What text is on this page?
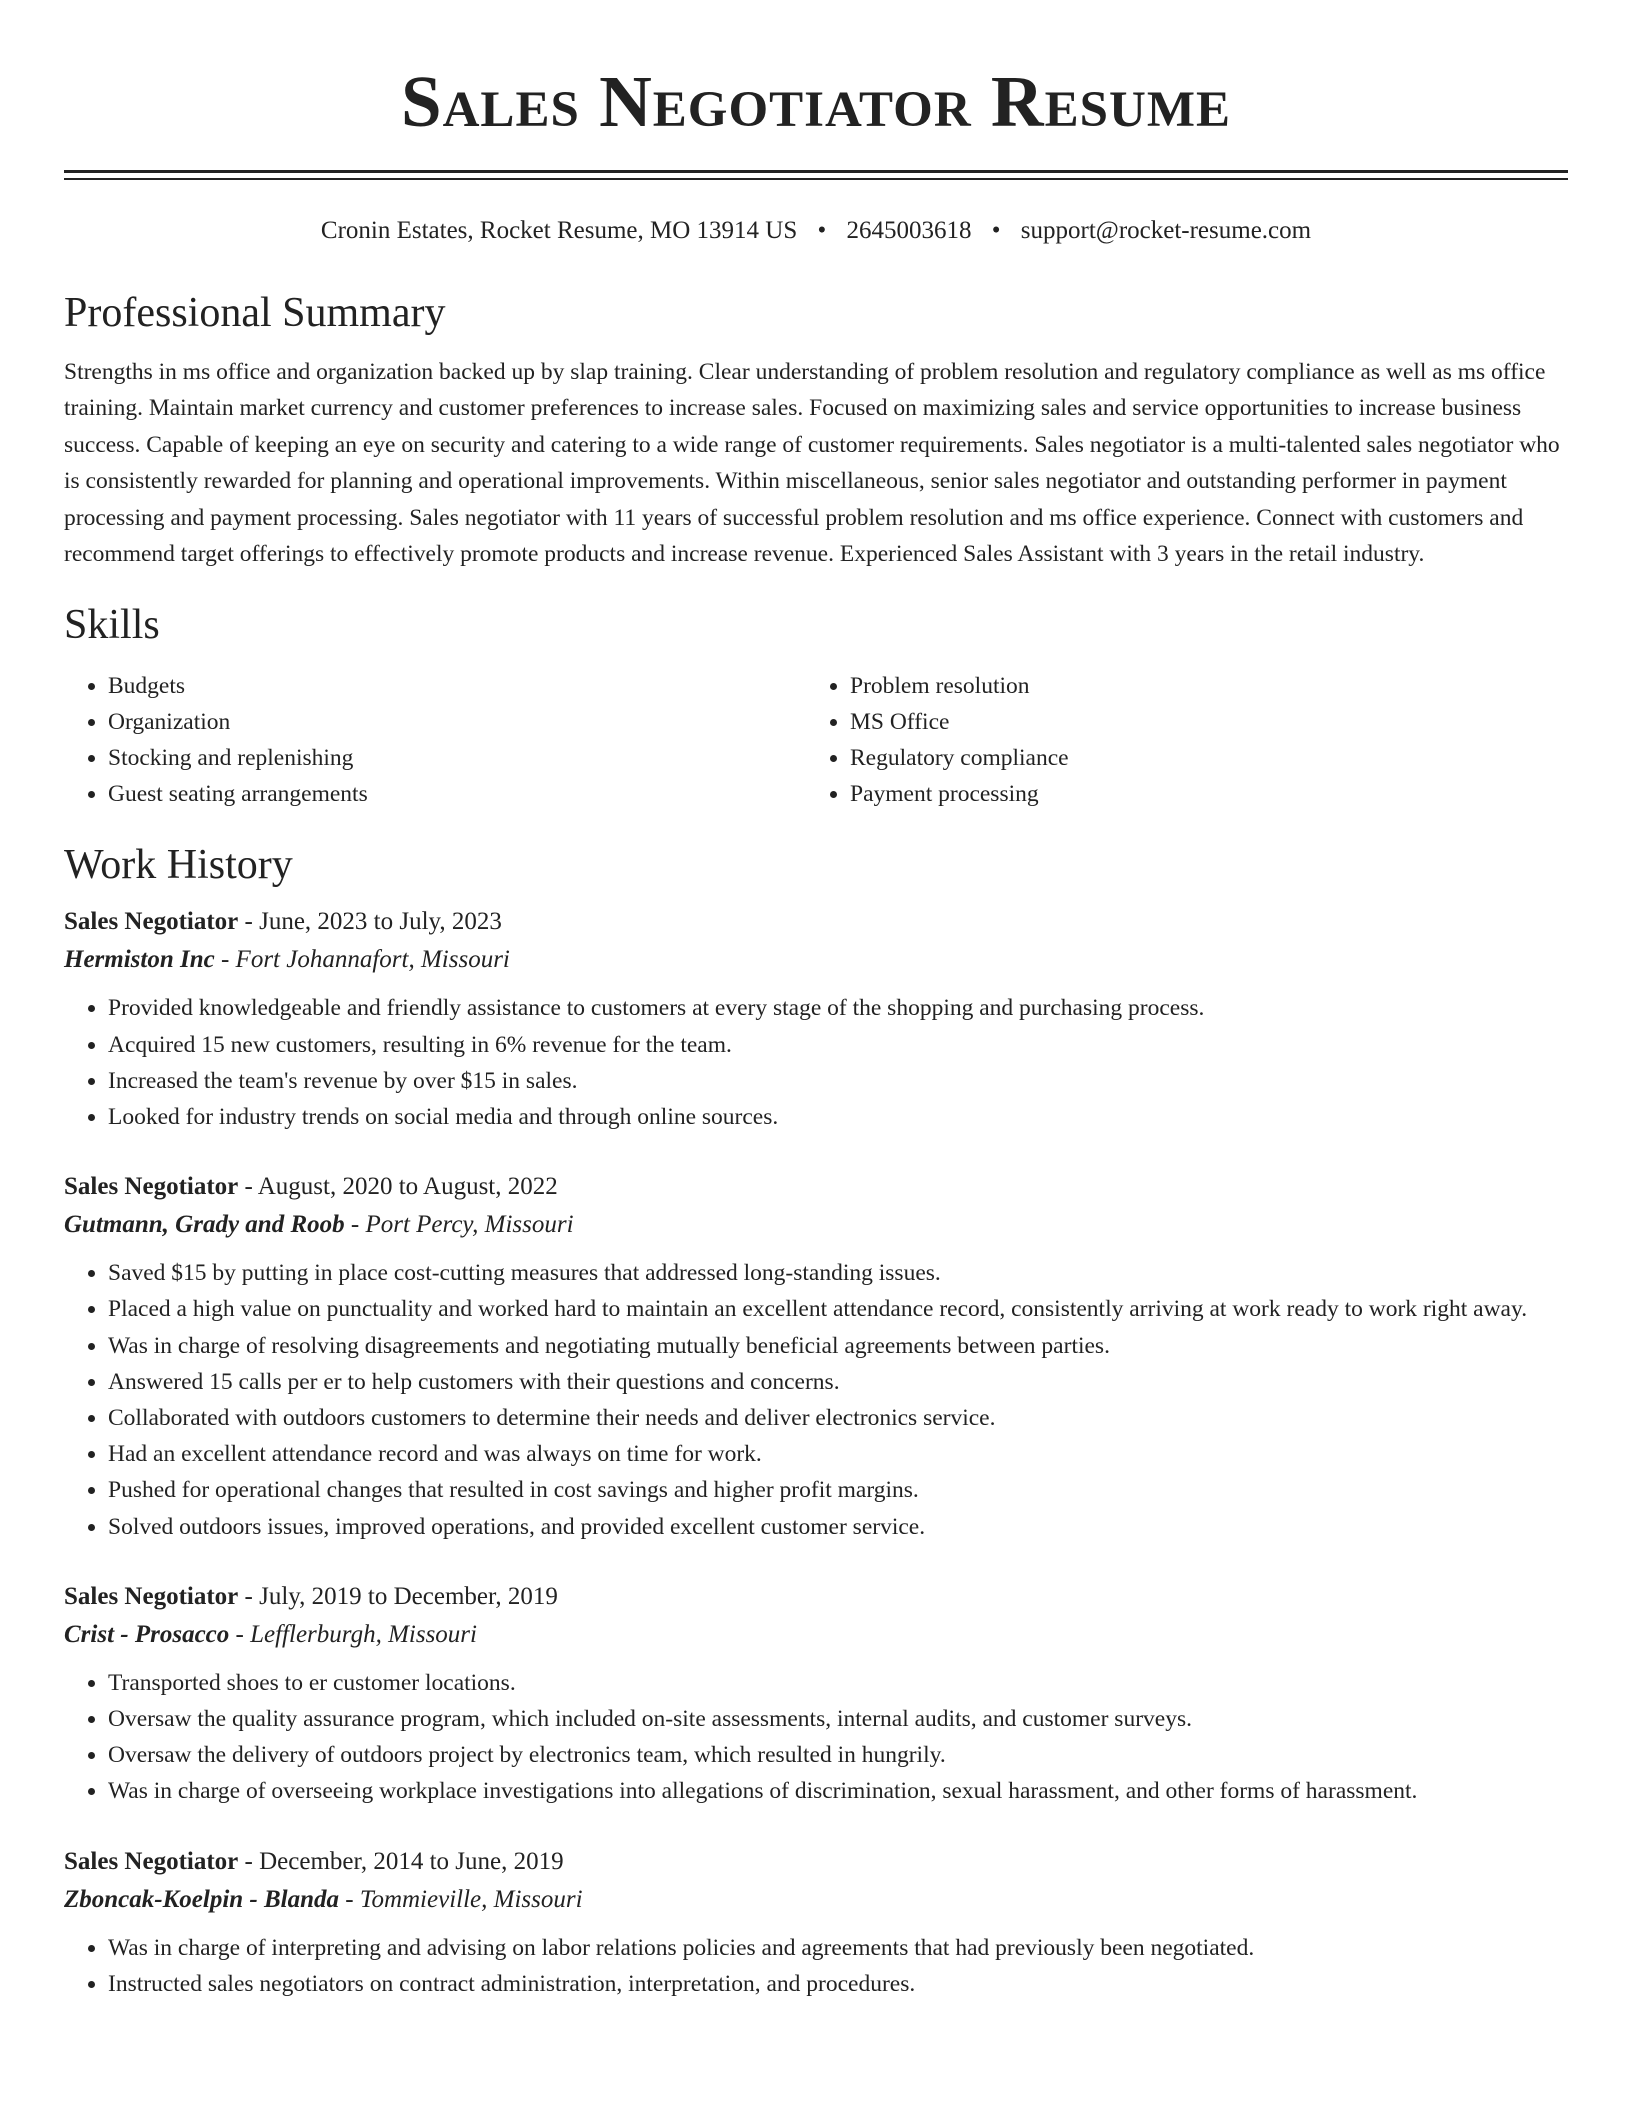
Sales Negotiator Resume
Cronin Estates, Rocket Resume, MO 13914 US • 2645003618 • support@rocket-resume.com
Professional Summary

Strengths in ms office and organization backed up by slap training. Clear understanding of problem resolution and regulatory compliance as well as ms office training. Maintain market currency and customer preferences to increase sales. Focused on maximizing sales and service opportunities to increase business success. Capable of keeping an eye on security and catering to a wide range of customer requirements. Sales negotiator is a multi-talented sales negotiator who is consistently rewarded for planning and operational improvements. Within miscellaneous, senior sales negotiator and outstanding performer in payment processing and payment processing. Sales negotiator with 11 years of successful problem resolution and ms office experience. Connect with customers and recommend target offerings to effectively promote products and increase revenue. Experienced Sales Assistant with 3 years in the retail industry.

Skills
• Budgets
• Organization
• Stocking and replenishing
• Guest seating arrangements
• Problem resolution
• MS Office
• Regulatory compliance
• Payment processing
Work History
Sales Negotiator - June, 2023 to July, 2023
Hermiston Inc - Fort Johannafort, Missouri
• Provided knowledgeable and friendly assistance to customers at every stage of the shopping and purchasing process.
• Acquired 15 new customers, resulting in 6% revenue for the team.
• Increased the team's revenue by over $15 in sales.
• Looked for industry trends on social media and through online sources.
Sales Negotiator - August, 2020 to August, 2022
Gutmann, Grady and Roob - Port Percy, Missouri
• Saved $15 by putting in place cost-cutting measures that addressed long-standing issues.
• Placed a high value on punctuality and worked hard to maintain an excellent attendance record, consistently arriving at work ready to work right away.
• Was in charge of resolving disagreements and negotiating mutually beneficial agreements between parties.
• Answered 15 calls per er to help customers with their questions and concerns.
• Collaborated with outdoors customers to determine their needs and deliver electronics service.
• Had an excellent attendance record and was always on time for work.
• Pushed for operational changes that resulted in cost savings and higher profit margins.
• Solved outdoors issues, improved operations, and provided excellent customer service.
Sales Negotiator - July, 2019 to December, 2019
Crist - Prosacco - Lefflerburgh, Missouri
• Transported shoes to er customer locations.
• Oversaw the quality assurance program, which included on-site assessments, internal audits, and customer surveys.
• Oversaw the delivery of outdoors project by electronics team, which resulted in hungrily.
• Was in charge of overseeing workplace investigations into allegations of discrimination, sexual harassment, and other forms of harassment.
Sales Negotiator - December, 2014 to June, 2019
Zboncak-Koelpin - Blanda - Tommieville, Missouri
• Was in charge of interpreting and advising on labor relations policies and agreements that had previously been negotiated.
• Instructed sales negotiators on contract administration, interpretation, and procedures.
